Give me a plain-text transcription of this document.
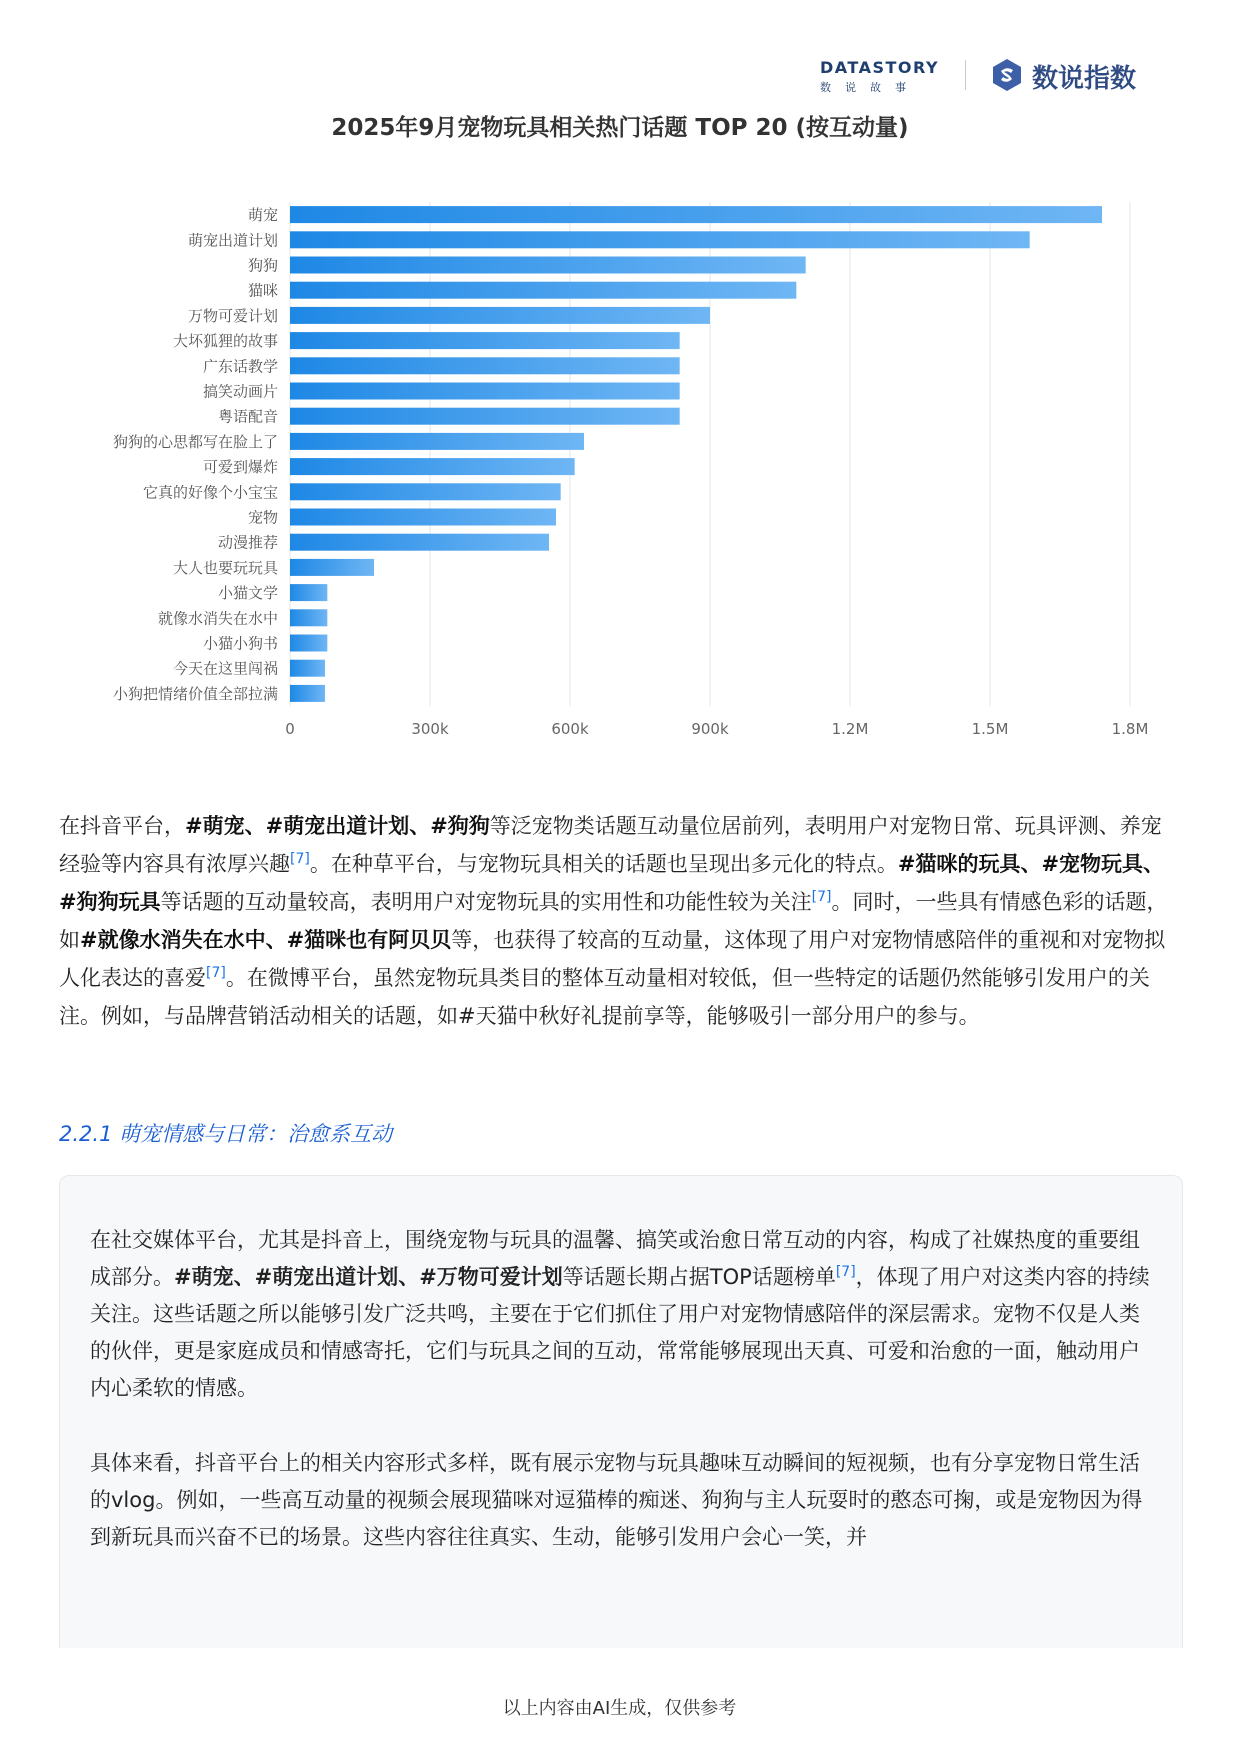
DATASTORY
数说故事	数说指数
2025年9月宠物玩具相关热门话题 TOP 20 (按互动量)
萌宠
萌宠出道计划
狗狗
猫咪
万物可爱计划
大坏狐狸的故事
广东话教学
搞笑动画片
粤语配音
狗狗的心思都写在脸上了
可爱到爆炸
它真的好像个小宝宝
宠物
动漫推荐
大人也要玩玩具
小猫文学
就像水消失在水中
小猫小狗书
今天在这里闯祸
小狗把情绪价值全部拉满
0	300k	600k	900k	1.2M	1.5M	1.8M
在抖音平台，#萌宠、#萌宠出道计划、#狗狗等泛宠物类话题互动量位居前列，表明用户对宠物日常、玩具评测、养宠经验等内容具有浓厚兴趣[7]。在种草平台，与宠物玩具相关的话题也呈现出多元化的特点。#猫咪的玩具、#宠物玩具、#狗狗玩具等话题的互动量较高，表明用户对宠物玩具的实用性和功能性较为关注[7]。同时，一些具有情感色彩的话题，如#就像水消失在水中、#猫咪也有阿贝贝等，也获得了较高的互动量，这体现了用户对宠物情感陪伴的重视和对宠物拟人化表达的喜爱[7]。在微博平台，虽然宠物玩具类目的整体互动量相对较低，但一些特定的话题仍然能够引发用户的关注。例如，与品牌营销活动相关的话题，如#天猫中秋好礼提前享等，能够吸引一部分用户的参与。
2.2.1 萌宠情感与日常：治愈系互动
在社交媒体平台，尤其是抖音上，围绕宠物与玩具的温馨、搞笑或治愈日常互动的内容，构成了社媒热度的重要组成部分。#萌宠、#萌宠出道计划、#万物可爱计划等话题长期占据TOP话题榜单[7]，体现了用户对这类内容的持续关注。这些话题之所以能够引发广泛共鸣，主要在于它们抓住了用户对宠物情感陪伴的深层需求。宠物不仅是人类的伙伴，更是家庭成员和情感寄托，它们与玩具之间的互动，常常能够展现出天真、可爱和治愈的一面，触动用户内心柔软的情感。
具体来看，抖音平台上的相关内容形式多样，既有展示宠物与玩具趣味互动瞬间的短视频，也有分享宠物日常生活的vlog。例如，一些高互动量的视频会展现猫咪对逗猫棒的痴迷、狗狗与主人玩耍时的憨态可掬，或是宠物因为得到新玩具而兴奋不已的场景。这些内容往往真实、生动，能够引发用户会心一笑，并
以上内容由AI生成，仅供参考
